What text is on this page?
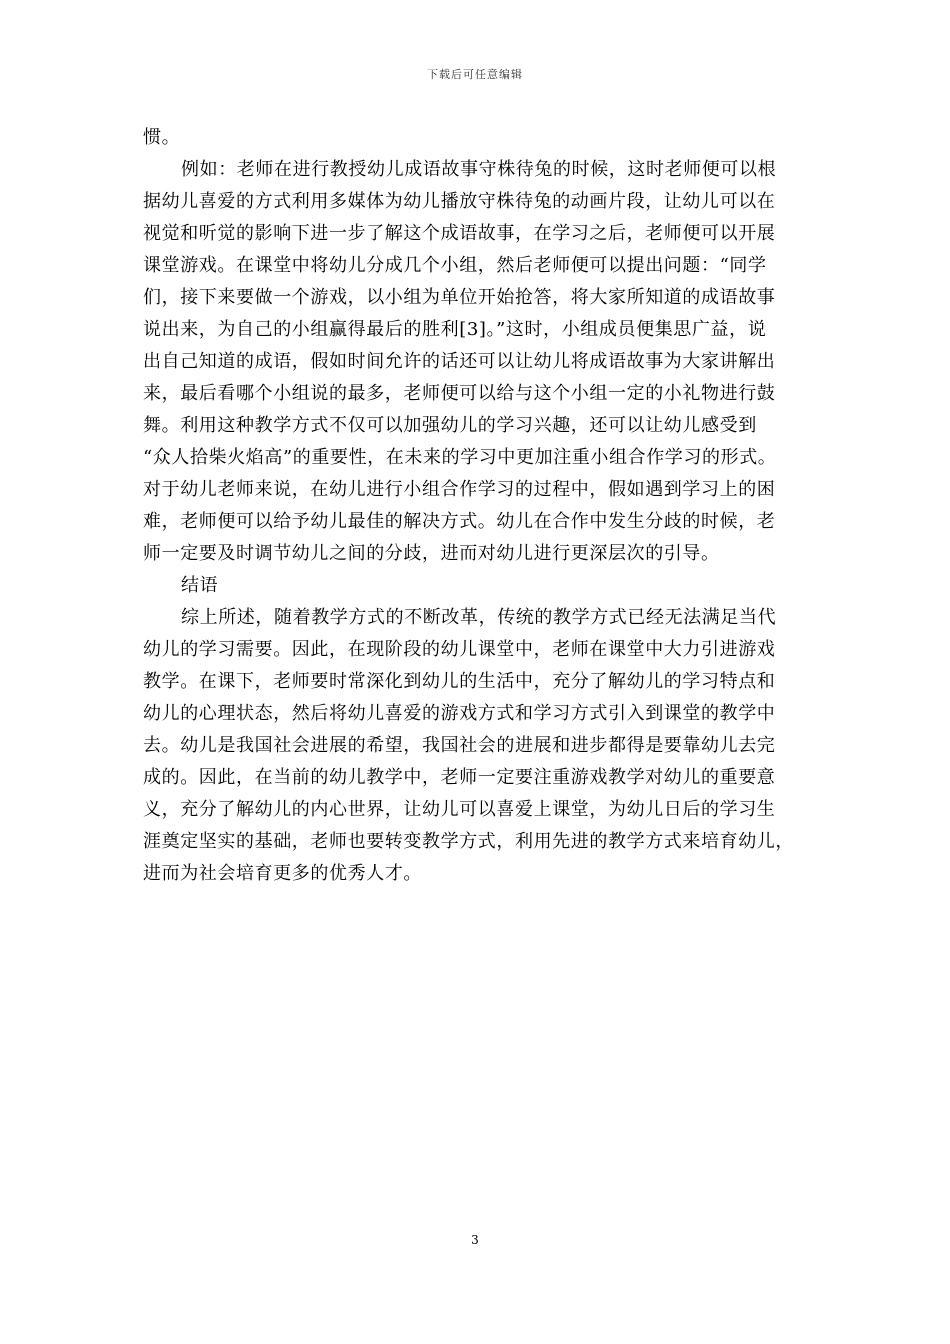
下载后可任意编辑
惯。
例如：老师在进行教授幼儿成语故事守株待兔的时候，这时老师便可以根
据幼儿喜爱的方式利用多媒体为幼儿播放守株待兔的动画片段，让幼儿可以在
视觉和听觉的影响下进一步了解这个成语故事，在学习之后，老师便可以开展
课堂游戏。在课堂中将幼儿分成几个小组，然后老师便可以提出问题：“同学
们，接下来要做一个游戏，以小组为单位开始抢答，将大家所知道的成语故事
说出来，为自己的小组赢得最后的胜利[3]。”这时，小组成员便集思广益，说
出自己知道的成语，假如时间允许的话还可以让幼儿将成语故事为大家讲解出
来，最后看哪个小组说的最多，老师便可以给与这个小组一定的小礼物进行鼓
舞。利用这种教学方式不仅可以加强幼儿的学习兴趣，还可以让幼儿感受到
“众人拾柴火焰高”的重要性，在未来的学习中更加注重小组合作学习的形式。
对于幼儿老师来说，在幼儿进行小组合作学习的过程中，假如遇到学习上的困
难，老师便可以给予幼儿最佳的解决方式。幼儿在合作中发生分歧的时候，老
师一定要及时调节幼儿之间的分歧，进而对幼儿进行更深层次的引导。
结语
综上所述，随着教学方式的不断改革，传统的教学方式已经无法满足当代
幼儿的学习需要。因此，在现阶段的幼儿课堂中，老师在课堂中大力引进游戏
教学。在课下，老师要时常深化到幼儿的生活中，充分了解幼儿的学习特点和
幼儿的心理状态，然后将幼儿喜爱的游戏方式和学习方式引入到课堂的教学中
去。幼儿是我国社会进展的希望，我国社会的进展和进步都得是要靠幼儿去完
成的。因此，在当前的幼儿教学中，老师一定要注重游戏教学对幼儿的重要意
义，充分了解幼儿的内心世界，让幼儿可以喜爱上课堂，为幼儿日后的学习生
涯奠定坚实的基础，老师也要转变教学方式，利用先进的教学方式来培育幼儿，
进而为社会培育更多的优秀人才。
3
